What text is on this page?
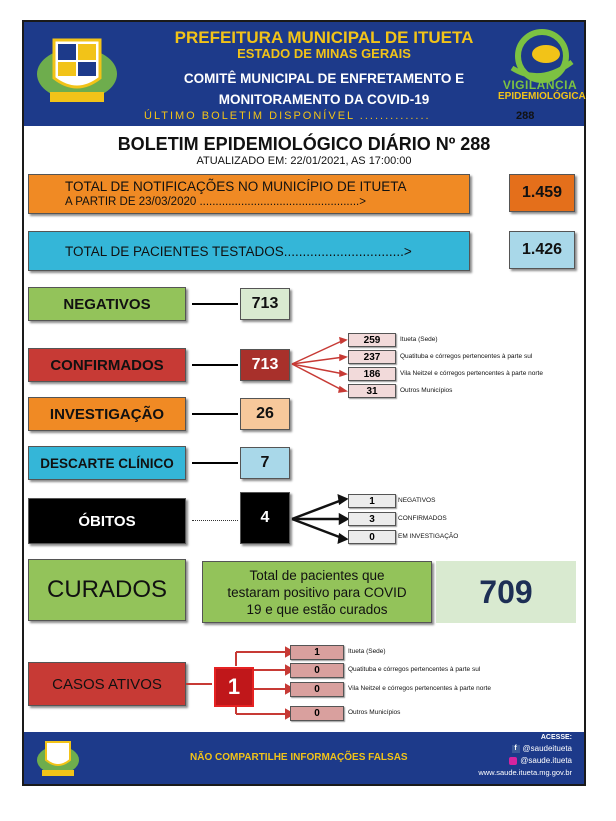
PREFEITURA MUNICIPAL DE ITUETA
ESTADO DE MINAS GERAIS
COMITÊ MUNICIPAL DE ENFRETAMENTO E
MONITORAMENTO DA COVID-19
ÚLTIMO BOLETIM DISPONÍVEL ..............	288
VIGILÂNCIA
EPIDEMIOLÓGICA
BOLETIM EPIDEMIOLÓGICO DIÁRIO Nº 288
ATUALIZADO EM: 22/01/2021, AS 17:00:00
TOTAL DE NOTIFICAÇÕES NO MUNICÍPIO DE ITUETA
A PARTIR DE 23/03/2020 ..................................................>
1.459
TOTAL DE PACIENTES TESTADOS................................>	1.426
NEGATIVOS	713
CONFIRMADOS	713
259	Itueta (Sede)
237	Quatituba e córregos pertencentes à parte sul
186	Vila Neitzel e córregos pertencentes à parte norte
31	Outros Municípios
INVESTIGAÇÃO	26
DESCARTE CLÍNICO	7
ÓBITOS	4
1	NEGATIVOS
3	CONFIRMADOS
0	EM INVESTIGAÇÃO
CURADOS
Total de pacientes que testaram positivo para COVID 19 e que estão curados	709
CASOS ATIVOS	1
1	Itueta (Sede)
0	Quatituba e córregos pertencentes à parte sul
0	Vila Neitzel e córregos pertencentes à parte norte
0	Outros Municípios
NÃO COMPARTILHE INFORMAÇÕES FALSAS
ACESSE:
f @saudeitueta
@saude.itueta
www.saude.itueta.mg.gov.br
